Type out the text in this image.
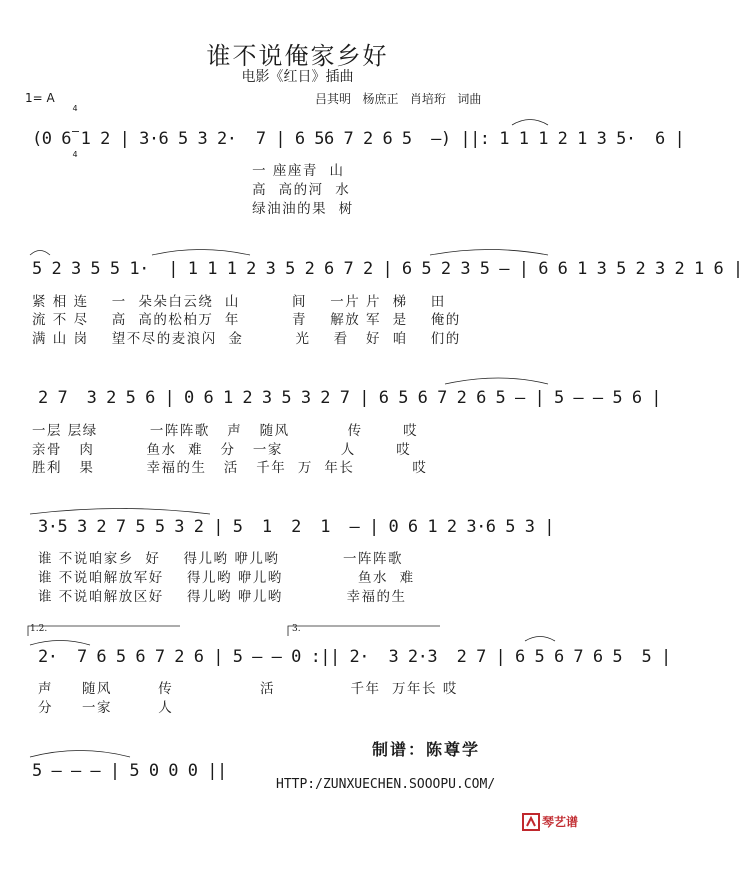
谁不说俺家乡好
电影《红日》插曲
1= A

4

4

吕其明   杨庶正   肖培珩   词曲
(0 6 1 2 | 3·6 5 3 2·  7 | 6 56 7 2 6 5  –) ||: 1 1 1 2 1 3 5·  6 |
一 座座青  山
高  高的河  水
绿油油的果  树
5 2 3 5 5 1·  | 1 1 1 2 3 5 2 6 7 2 | 6 5 2 3 5 – | 6 6 1 3 5 2 3 2 1 6 |
紧 相 连    一  朵朵白云绕  山         间    一片 片  梯    田
流 不 尽    高  高的松柏万  年         青    解放 军  是    俺的
满 山 岗    望不尽的麦浪闪  金         光    看   好  咱    们的
2 7  3 2 5 6 | 0 6 1 2 3 5 3 2 7 | 6 5 6 7 2 6 5 – | 5 – – 5 6 |
一层 层绿         一阵阵歌   声   随风          传       哎
亲骨   肉         鱼水  难   分   一家          人       哎
胜利   果         幸福的生   活   千年  万  年长          哎
3·5 3 2 7 5 5 3 2 | 5  1  2  1  – | 0 6 1 2 3·6 5 3 |
谁 不说咱家乡  好    得儿哟 咿儿哟           一阵阵歌
谁 不说咱解放军好    得儿哟 咿儿哟             鱼水  难
谁 不说咱解放区好    得儿哟 咿儿哟           幸福的生
1.2.	3.
2·  7 6 5 6 7 2 6 | 5 – – 0 :|| 2·  3 2·3  2 7 | 6 5 6 7 6 5  5 |
声     随风        传               活             千年  万年长 哎
分     一家        人
5 – – – | 5 0 0 0 ||
制谱：陈尊学
HTTP:/ZUNXUECHEN.SOOOPU.COM/

琴艺谱
